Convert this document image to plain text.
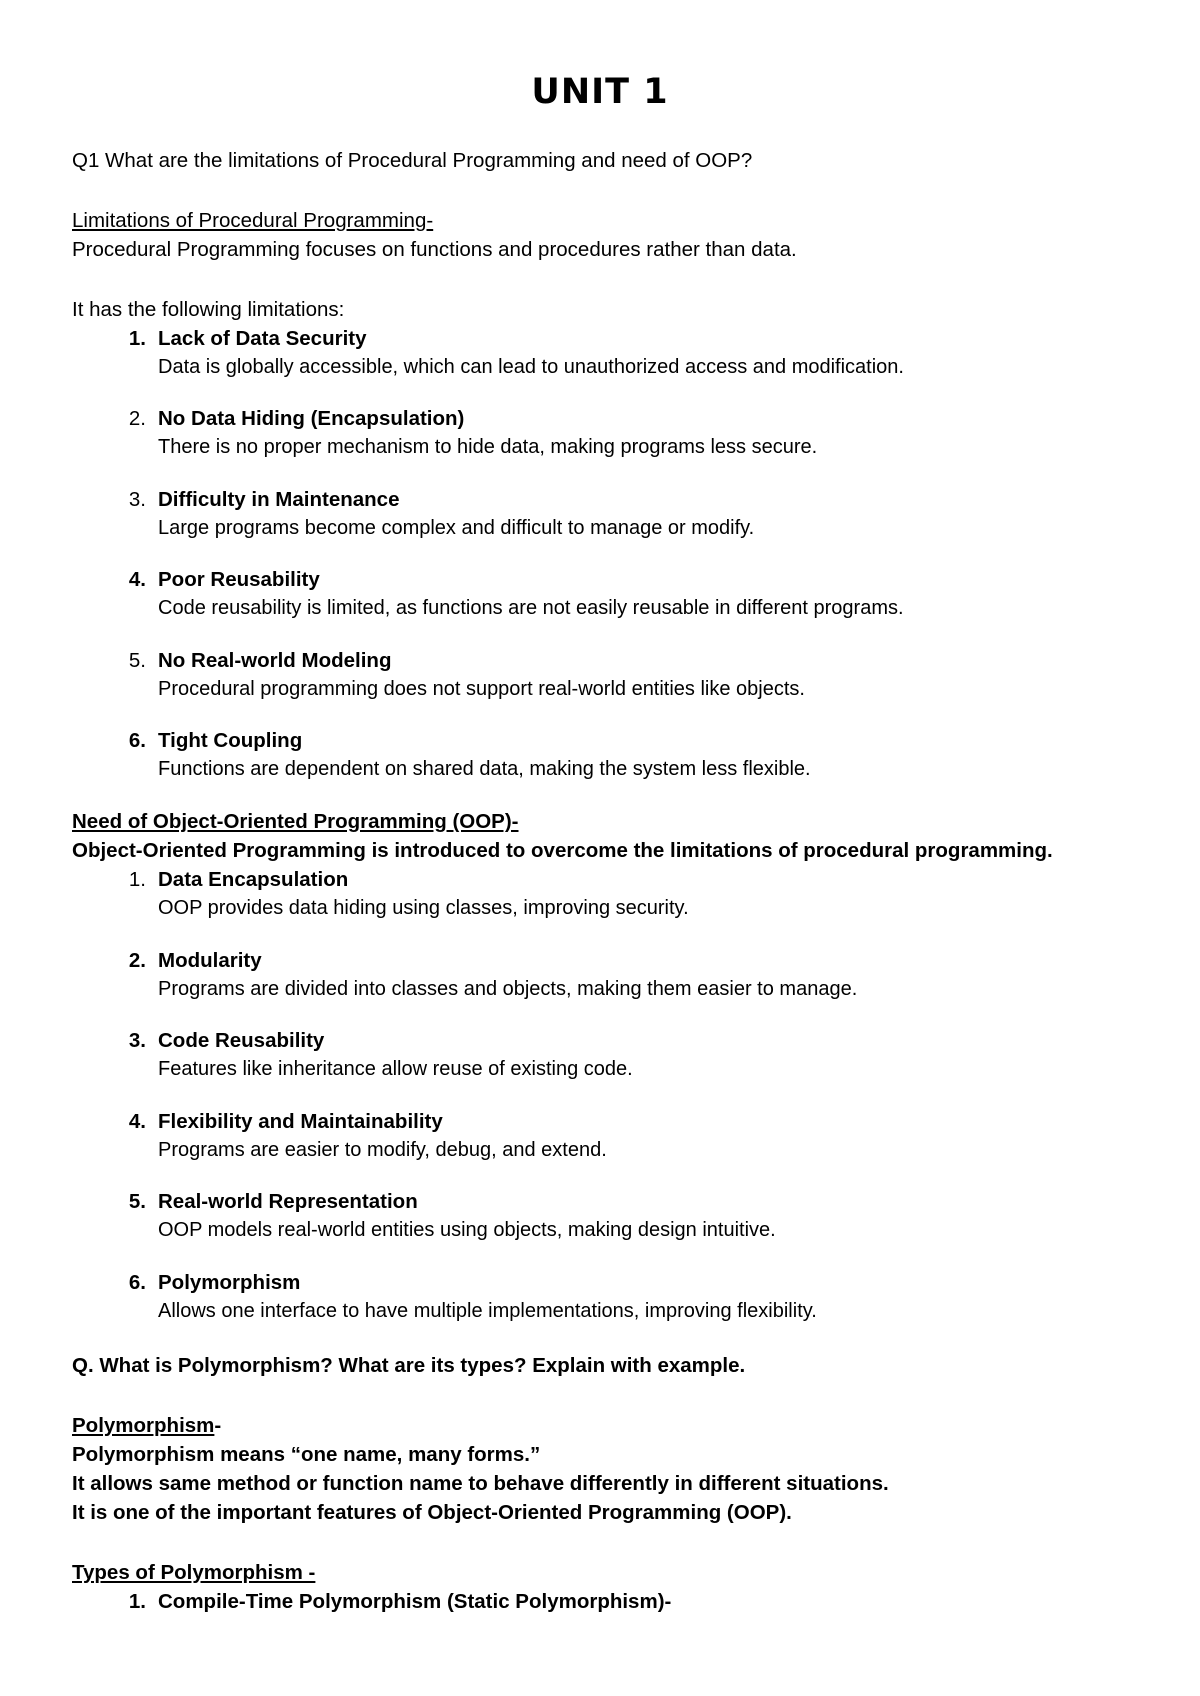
UNIT 1
Q1 What are the limitations of Procedural Programming and need of OOP?
Limitations of Procedural Programming-
Procedural Programming focuses on functions and procedures rather than data.
It has the following limitations:
1. Lack of Data Security
Data is globally accessible, which can lead to unauthorized access and modification.
2. No Data Hiding (Encapsulation)
There is no proper mechanism to hide data, making programs less secure.
3. Difficulty in Maintenance
Large programs become complex and difficult to manage or modify.
4. Poor Reusability
Code reusability is limited, as functions are not easily reusable in different programs.
5. No Real-world Modeling
Procedural programming does not support real-world entities like objects.
6. Tight Coupling
Functions are dependent on shared data, making the system less flexible.
Need of Object-Oriented Programming (OOP)-
Object-Oriented Programming is introduced to overcome the limitations of procedural programming.
1. Data Encapsulation
OOP provides data hiding using classes, improving security.
2. Modularity
Programs are divided into classes and objects, making them easier to manage.
3. Code Reusability
Features like inheritance allow reuse of existing code.
4. Flexibility and Maintainability
Programs are easier to modify, debug, and extend.
5. Real-world Representation
OOP models real-world entities using objects, making design intuitive.
6. Polymorphism
Allows one interface to have multiple implementations, improving flexibility.
Q. What is Polymorphism? What are its types? Explain with example.
Polymorphism-
Polymorphism means “one name, many forms.”
It allows same method or function name to behave differently in different situations.
It is one of the important features of Object-Oriented Programming (OOP).
Types of Polymorphism -
1. Compile-Time Polymorphism (Static Polymorphism)-
